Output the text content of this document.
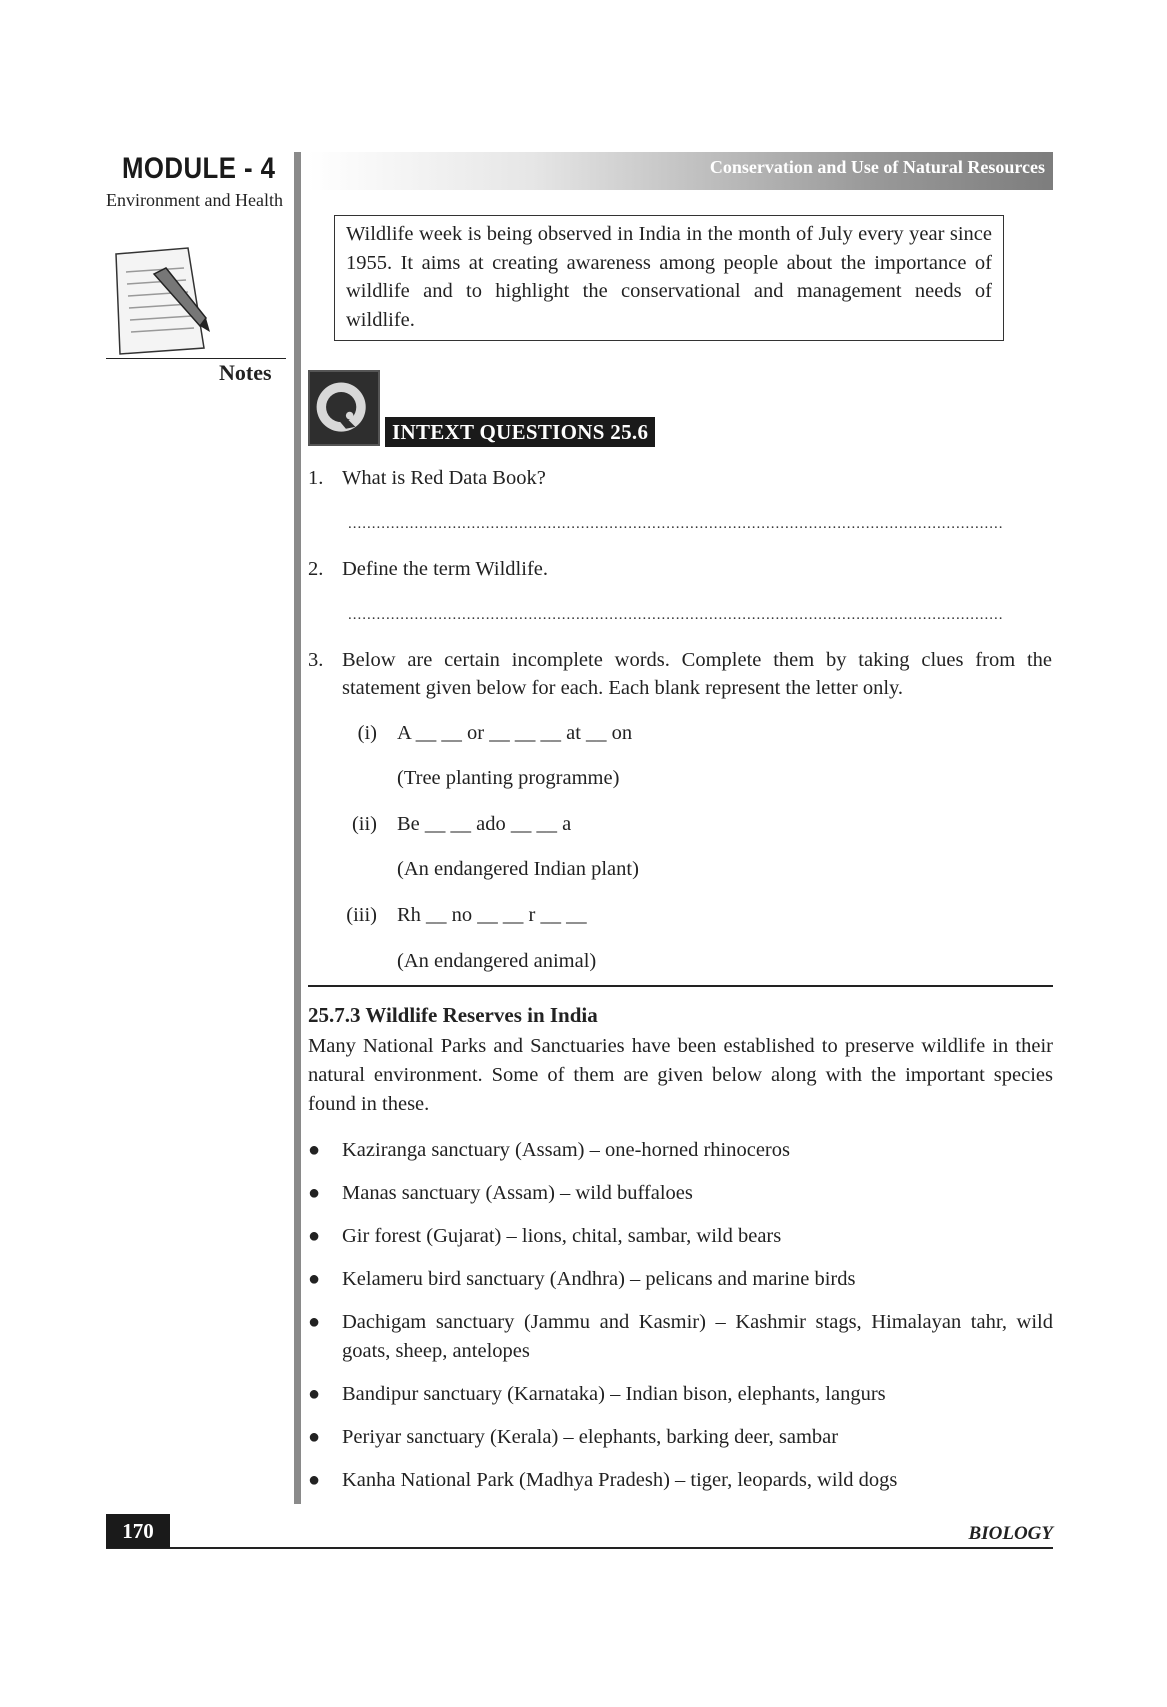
MODULE - 4
Environment and Health
Notes
Conservation and Use of Natural Resources
Wildlife week is being observed in India in the month of July every year since 1955. It aims at creating awareness among people about the importance of wildlife and to highlight the conservational and management needs of wildlife.
INTEXT QUESTIONS 25.6
1. What is Red Data Book?
..........................................................................................................................................
2. Define the term Wildlife.
..........................................................................................................................................
3. Below are certain incomplete words. Complete them by taking clues from the statement given below for each. Each blank represent the letter only.
(i) A __ __ or __ __ __ at __ on
(Tree planting programme)
(ii) Be __ __ ado __ __ a
(An endangered Indian plant)
(iii) Rh __ no __ __ r __ __
(An endangered animal)
25.7.3 Wildlife Reserves in India
Many National Parks and Sanctuaries have been established to preserve wildlife in their natural environment. Some of them are given below along with the important species found in these.
● Kaziranga sanctuary (Assam) – one-horned rhinoceros
● Manas sanctuary (Assam) – wild buffaloes
● Gir forest (Gujarat) – lions, chital, sambar, wild bears
● Kelameru bird sanctuary (Andhra) – pelicans and marine birds
● Dachigam sanctuary (Jammu and Kasmir) – Kashmir stags, Himalayan tahr, wild goats, sheep, antelopes
● Bandipur sanctuary (Karnataka) – Indian bison, elephants, langurs
● Periyar sanctuary (Kerala) – elephants, barking deer, sambar
● Kanha National Park (Madhya Pradesh) – tiger, leopards, wild dogs
170	BIOLOGY
